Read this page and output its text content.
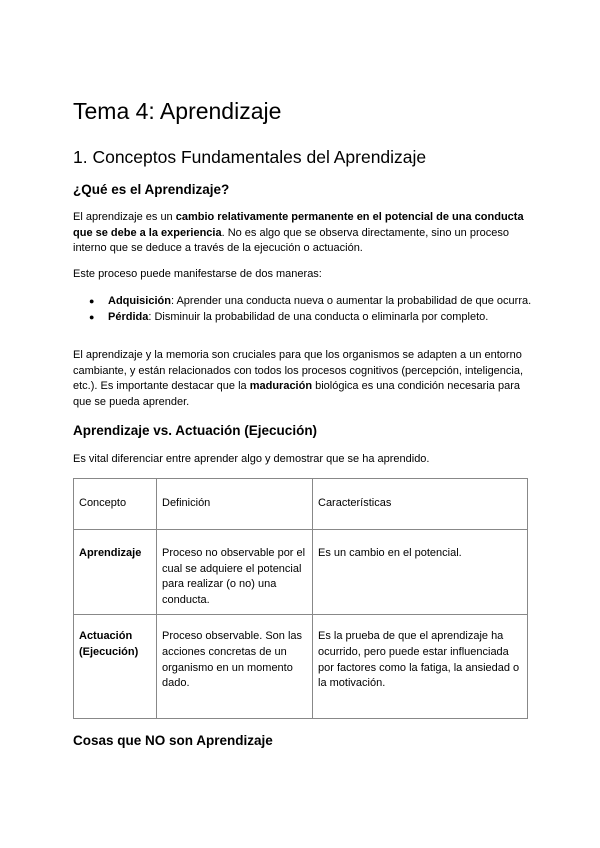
Tema 4: Aprendizaje
1. Conceptos Fundamentales del Aprendizaje
¿Qué es el Aprendizaje?

El aprendizaje es un cambio relativamente permanente en el potencial de una conducta que se debe a la experiencia. No es algo que se observa directamente, sino un proceso interno que se deduce a través de la ejecución o actuación.

Este proceso puede manifestarse de dos maneras:

● Adquisición: Aprender una conducta nueva o aumentar la probabilidad de que ocurra.
● Pérdida: Disminuir la probabilidad de una conducta o eliminarla por completo.

El aprendizaje y la memoria son cruciales para que los organismos se adapten a un entorno cambiante, y están relacionados con todos los procesos cognitivos (percepción, inteligencia, etc.). Es importante destacar que la maduración biológica es una condición necesaria para que se pueda aprender.

Aprendizaje vs. Actuación (Ejecución)

Es vital diferenciar entre aprender algo y demostrar que se ha aprendido.

Concepto	Definición	Características
Aprendizaje	Proceso no observable por el cual se adquiere el potencial para realizar (o no) una conducta.	Es un cambio en el potencial.
Actuación (Ejecución)	Proceso observable. Son las acciones concretas de un organismo en un momento dado.	Es la prueba de que el aprendizaje ha ocurrido, pero puede estar influenciada por factores como la fatiga, la ansiedad o la motivación.
Cosas que NO son Aprendizaje
